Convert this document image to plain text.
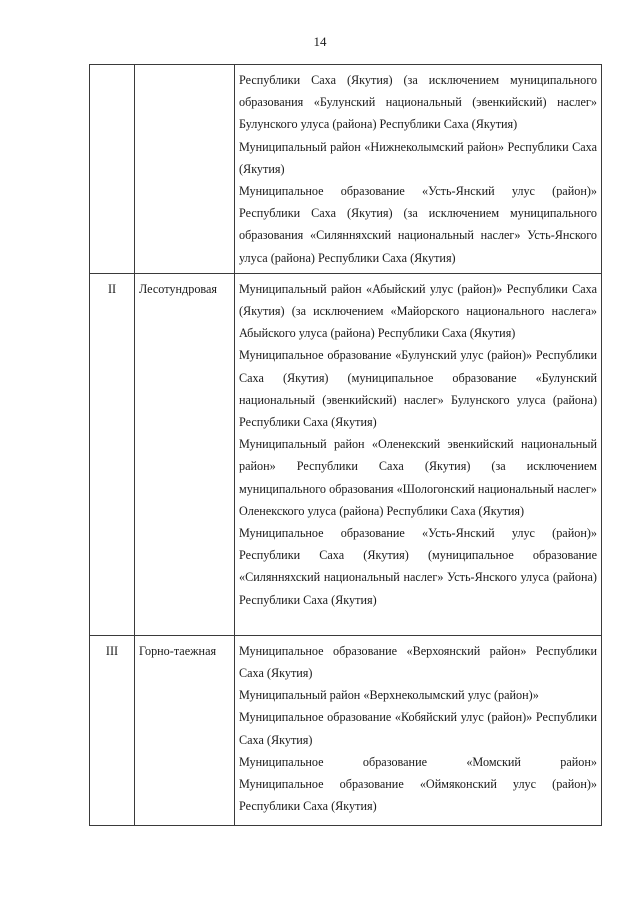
14

		Республики Саха (Якутия) (за исключением муниципального образования «Булунский национальный (эвенкийский) наслег» Булунского улуса (района) Республики Саха (Якутия)
Муниципальный район «Нижнеколымский район» Республики Саха (Якутия)
Муниципальное образование «Усть-Янский улус (район)» Республики Саха (Якутия) (за исключением муниципального образования «Силянняхский национальный наслег» Усть-Янского улуса (района) Республики Саха (Якутия)

II	Лесотундровая	Муниципальный район «Абыйский улус (район)» Республики Саха (Якутия) (за исключением «Майорского национального наслега» Абыйского улуса (района) Республики Саха (Якутия)
Муниципальное образование «Булунский улус (район)» Республики Саха (Якутия) (муниципальное образование «Булунский национальный (эвенкийский) наслег» Булунского улуса (района) Республики Саха (Якутия)
Муниципальный район «Оленекский эвенкийский национальный район» Республики Саха (Якутия) (за исключением муниципального образования «Шологонский национальный наслег» Оленекского улуса (района) Республики Саха (Якутия)
Муниципальное образование «Усть-Янский улус (район)» Республики Саха (Якутия) (муниципальное образование «Силянняхский национальный наслег» Усть-Янского улуса (района) Республики Саха (Якутия)

III	Горно-таежная	Муниципальное образование «Верхоянский район» Республики Саха (Якутия)
Муниципальный район «Верхнеколымский улус (район)»
Муниципальное образование «Кобяйский улус (район)» Республики Саха (Якутия)
Муниципальное образование «Момский район»
Муниципальное образование «Оймяконский улус (район)» Республики Саха (Якутия)
